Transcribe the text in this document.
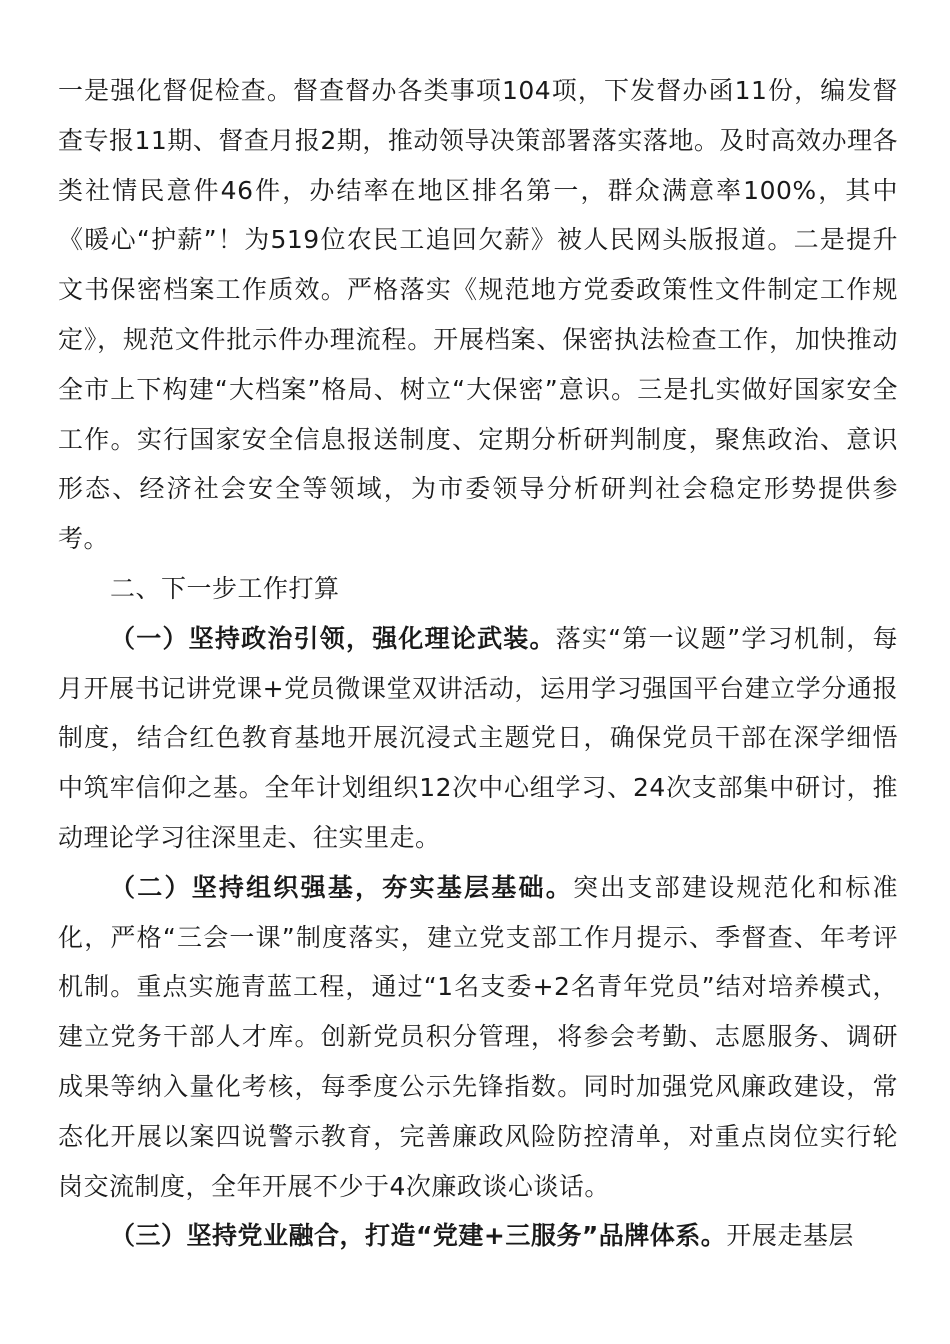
一是强化督促检查。督查督办各类事项104项，下发督办函11份，编发督查专报11期、督查月报2期，推动领导决策部署落实落地。及时高效办理各类社情民意件46件，办结率在地区排名第一，群众满意率100%，其中《暖心“护薪”！为519位农民工追回欠薪》被人民网头版报道。二是提升文书保密档案工作质效。严格落实《规范地方党委政策性文件制定工作规定》，规范文件批示件办理流程。开展档案、保密执法检查工作，加快推动全市上下构建“大档案”格局、树立“大保密”意识。三是扎实做好国家安全工作。实行国家安全信息报送制度、定期分析研判制度，聚焦政治、意识形态、经济社会安全等领域，为市委领导分析研判社会稳定形势提供参考。

二、下一步工作打算

（一）坚持政治引领，强化理论武装。落实“第一议题”学习机制，每月开展书记讲党课+党员微课堂双讲活动，运用学习强国平台建立学分通报制度，结合红色教育基地开展沉浸式主题党日，确保党员干部在深学细悟中筑牢信仰之基。全年计划组织12次中心组学习、24次支部集中研讨，推动理论学习往深里走、往实里走。

（二）坚持组织强基，夯实基层基础。突出支部建设规范化和标准化，严格“三会一课”制度落实，建立党支部工作月提示、季督查、年考评机制。重点实施青蓝工程，通过“1名支委+2名青年党员”结对培养模式，建立党务干部人才库。创新党员积分管理，将参会考勤、志愿服务、调研成果等纳入量化考核，每季度公示先锋指数。同时加强党风廉政建设，常态化开展以案四说警示教育，完善廉政风险防控清单，对重点岗位实行轮岗交流制度，全年开展不少于4次廉政谈心谈话。

（三）坚持党业融合，打造“党建+三服务”品牌体系。开展走基层
